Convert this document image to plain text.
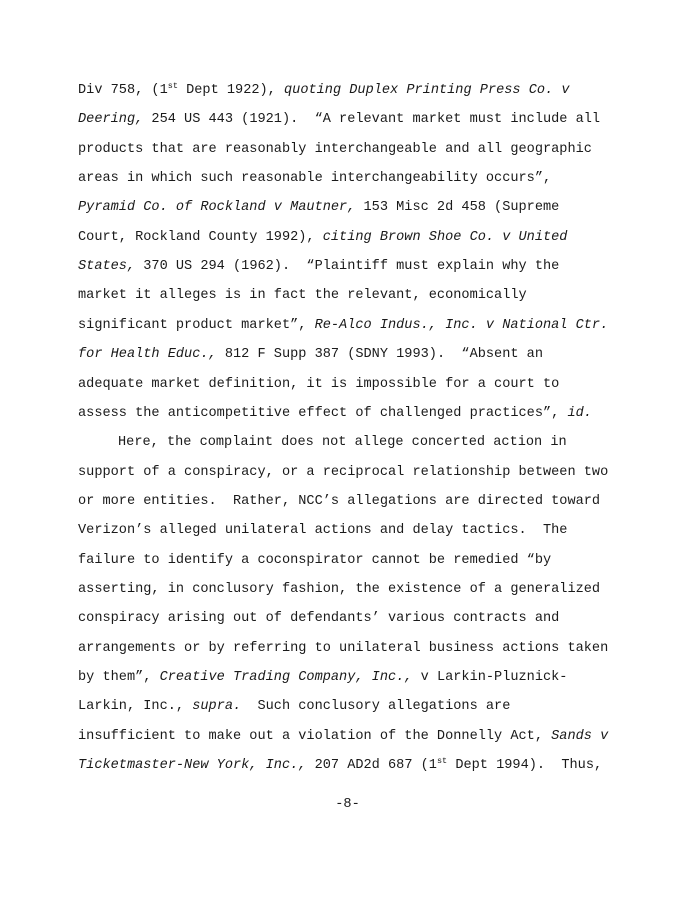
Div 758, (1st Dept 1922), quoting Duplex Printing Press Co. v
Deering, 254 US 443 (1921).  “A relevant market must include all
products that are reasonably interchangeable and all geographic
areas in which such reasonable interchangeability occurs”,
Pyramid Co. of Rockland v Mautner, 153 Misc 2d 458 (Supreme
Court, Rockland County 1992), citing Brown Shoe Co. v United
States, 370 US 294 (1962).  “Plaintiff must explain why the
market it alleges is in fact the relevant, economically
significant product market”, Re-Alco Indus., Inc. v National Ctr.
for Health Educ., 812 F Supp 387 (SDNY 1993).  “Absent an
adequate market definition, it is impossible for a court to
assess the anticompetitive effect of challenged practices”, id.
Here, the complaint does not allege concerted action in
support of a conspiracy, or a reciprocal relationship between two
or more entities.  Rather, NCC’s allegations are directed toward
Verizon’s alleged unilateral actions and delay tactics.  The
failure to identify a coconspirator cannot be remedied “by
asserting, in conclusory fashion, the existence of a generalized
conspiracy arising out of defendants’ various contracts and
arrangements or by referring to unilateral business actions taken
by them”, Creative Trading Company, Inc., v Larkin-Pluznick-
Larkin, Inc., supra.  Such conclusory allegations are
insufficient to make out a violation of the Donnelly Act, Sands v
Ticketmaster-New York, Inc., 207 AD2d 687 (1st Dept 1994).  Thus,
-8-
